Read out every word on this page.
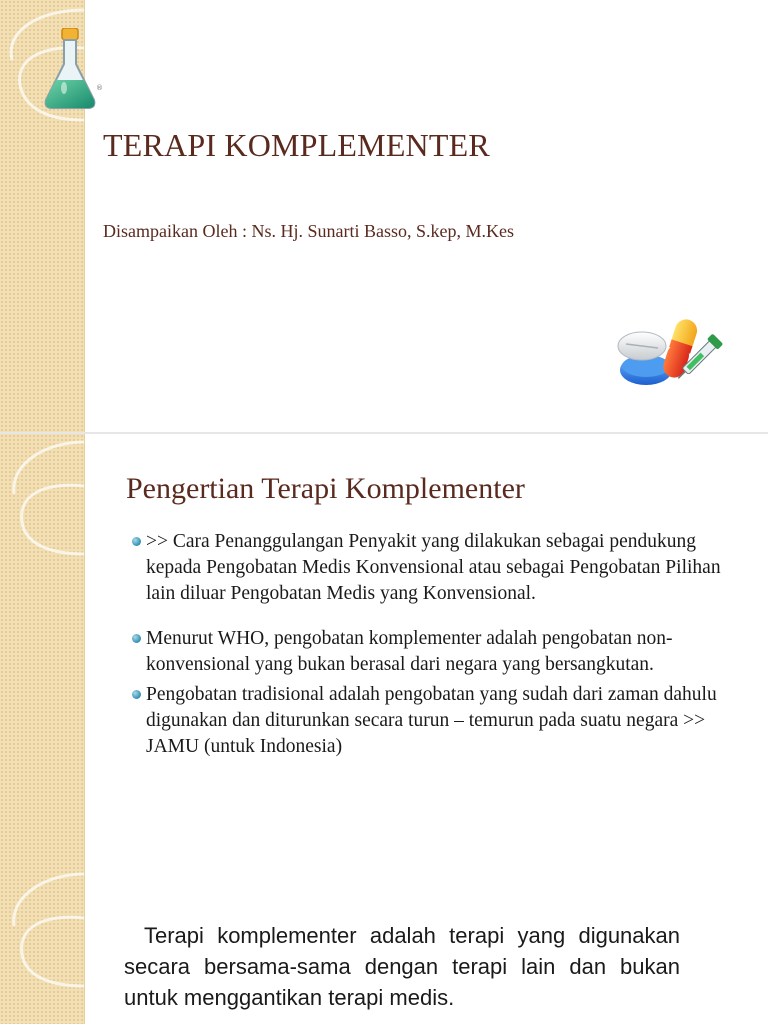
®
TERAPI KOMPLEMENTER
Disampaikan Oleh : Ns. Hj. Sunarti Basso, S.kep, M.Kes
Pengertian Terapi Komplementer
>> Cara Penanggulangan Penyakit yang dilakukan sebagai pendukung kepada Pengobatan Medis Konvensional atau sebagai Pengobatan Pilihan lain diluar Pengobatan Medis yang Konvensional.
Menurut WHO, pengobatan komplementer adalah pengobatan non-konvensional yang bukan berasal dari negara yang bersangkutan.
Pengobatan tradisional adalah pengobatan yang sudah dari zaman dahulu digunakan dan diturunkan secara turun – temurun pada suatu negara >> JAMU (untuk Indonesia)
Terapi komplementer adalah terapi yang digunakan secara bersama-sama dengan terapi lain dan bukan untuk menggantikan terapi medis.
